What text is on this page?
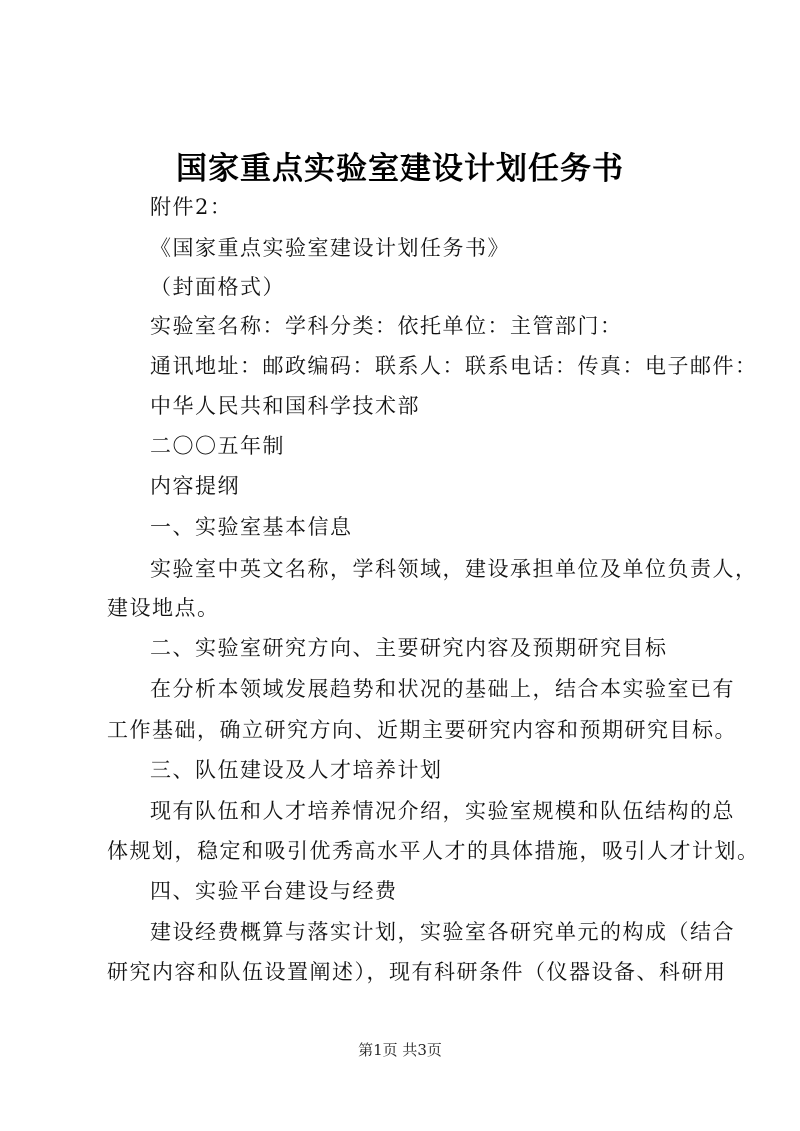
国家重点实验室建设计划任务书
附件2：
《国家重点实验室建设计划任务书》
（封面格式）
实验室名称：学科分类：依托单位：主管部门：
通讯地址：邮政编码：联系人：联系电话：传真：电子邮件：
中华人民共和国科学技术部
二〇〇五年制
内容提纲
一、实验室基本信息
实验室中英文名称，学科领域，建设承担单位及单位负责人，
建设地点。
二、实验室研究方向、主要研究内容及预期研究目标
在分析本领域发展趋势和状况的基础上，结合本实验室已有
工作基础，确立研究方向、近期主要研究内容和预期研究目标。
三、队伍建设及人才培养计划
现有队伍和人才培养情况介绍，实验室规模和队伍结构的总
体规划，稳定和吸引优秀高水平人才的具体措施，吸引人才计划。
四、实验平台建设与经费
建设经费概算与落实计划，实验室各研究单元的构成（结合
研究内容和队伍设置阐述），现有科研条件（仪器设备、科研用
第1页 共3页
